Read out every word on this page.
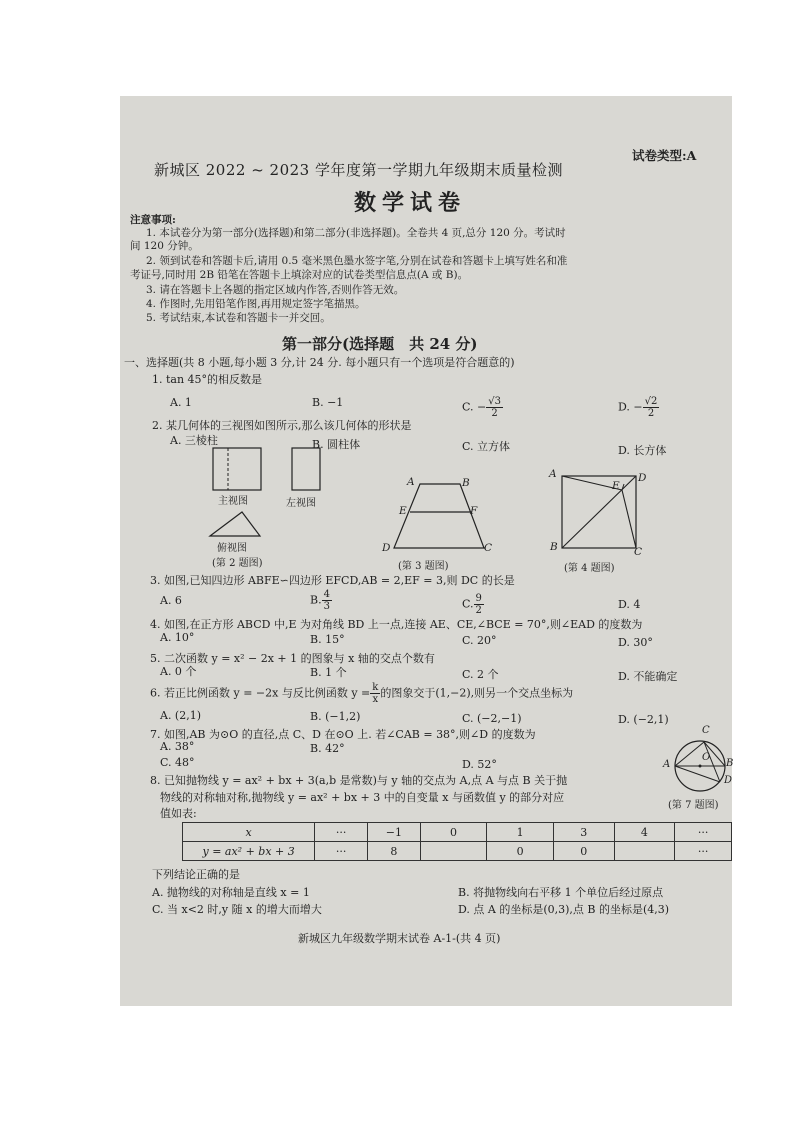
试卷类型:A
新城区 2022 ~ 2023 学年度第一学期九年级期末质量检测
数学试卷
注意事项:
1. 本试卷分为第一部分(选择题)和第二部分(非选择题)。全卷共 4 页,总分 120 分。考试时
间 120 分钟。
2. 领到试卷和答题卡后,请用 0.5 毫米黑色墨水签字笔,分别在试卷和答题卡上填写姓名和准
考证号,同时用 2B 铅笔在答题卡上填涂对应的试卷类型信息点(A 或 B)。
3. 请在答题卡上各题的指定区域内作答,否则作答无效。
4. 作图时,先用铅笔作图,再用规定签字笔描黑。
5. 考试结束,本试卷和答题卡一并交回。
第一部分(选择题　共 24 分)
一、选择题(共 8 小题,每小题 3 分,计 24 分. 每小题只有一个选项是符合题意的)
1. tan 45°的相反数是
A. 1	B. −1	C. − $\frac{√3}{2}$	D. − $\frac{√2}{2}$
2. 某几何体的三视图如图所示,那么该几何体的形状是
A. 三棱柱	B. 圆柱体	C. 立方体	D. 长方体
主视图	左视图
俯视图
(第 2 题图)
A	B
E	F
D	C
(第 3 题图)
A	D
E
B	C
(第 4 题图)
3. 如图,已知四边形 ABFE∽四边形 EFCD,AB = 2,EF = 3,则 DC 的长是
A. 6	B. $\frac{4}{3}$	C. $\frac{9}{2}$	D. 4
4. 如图,在正方形 ABCD 中,E 为对角线 BD 上一点,连接 AE、CE,∠BCE = 70°,则∠EAD 的度数为
A. 10°	B. 15°	C. 20°	D. 30°
5. 二次函数 y = x² − 2x + 1 的图象与 x 轴的交点个数有
A. 0 个	B. 1 个	C. 2 个	D. 不能确定
6. 若正比例函数 y = −2x 与反比例函数 $y = \frac{k}{x}$ 的图象交于(1,−2),则另一个交点坐标为
A. (2,1)	B. (−1,2)	C. (−2,−1)	D. (−2,1)
7. 如图,AB 为⊙O 的直径,点 C、D 在⊙O 上. 若∠CAB = 38°,则∠D 的度数为
A. 38°	B. 42°
C. 48°	D. 52°
C
A
O
B
D
(第 7 题图)
8. 已知抛物线 y = ax² + bx + 3(a,b 是常数)与 y 轴的交点为 A,点 A 与点 B 关于抛
物线的对称轴对称,抛物线 y = ax² + bx + 3 中的自变量 x 与函数值 y 的部分对应
值如表:
x	···	−1	0	1	3	4	···
y = ax² + bx + 3	···	8		0	0		···
下列结论正确的是
A. 抛物线的对称轴是直线 x = 1	B. 将抛物线向右平移 1 个单位后经过原点
C. 当 x<2 时,y 随 x 的增大而增大	D. 点 A 的坐标是(0,3),点 B 的坐标是(4,3)
新城区九年级数学期末试卷 A-1-(共 4 页)
